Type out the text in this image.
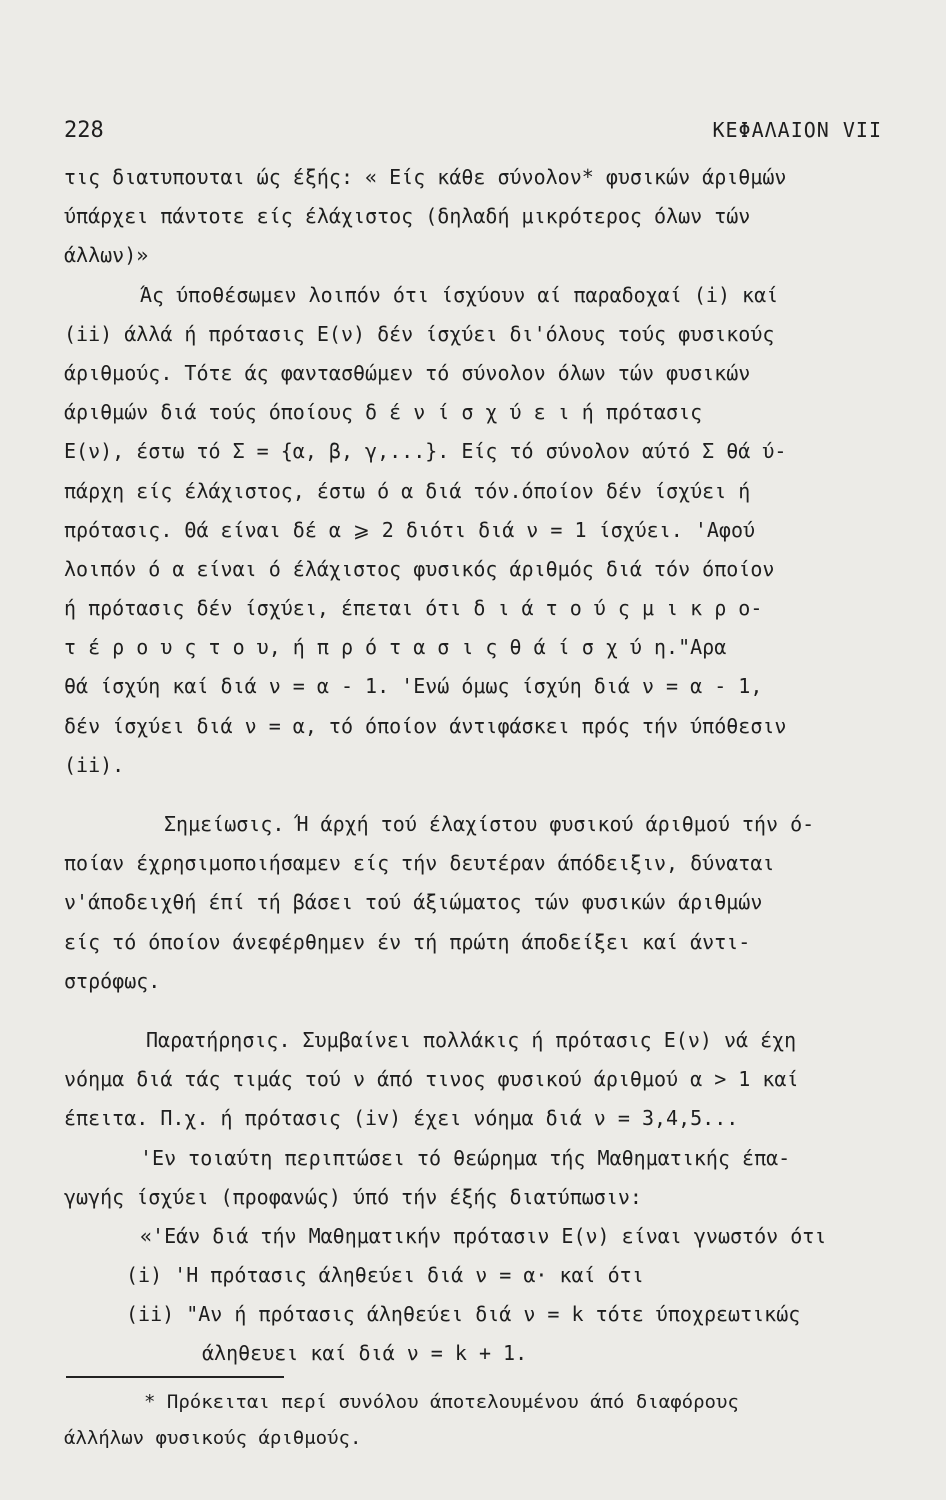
228	ΚΕΦΑΛΑΙΟΝ VII
τις διατυπουται ώς έξής: « Είς κάθε σύνολον* φυσικών άριθμών
ύπάρχει πάντοτε είς έλάχιστος (δηλαδή μικρότερος όλων τών
άλλων)»
Άς ύποθέσωμεν λοιπόν ότι ίσχύουν αί παραδοχαί (i) καί
(ii) άλλά ή πρότασις Ε(ν) δέν ίσχύει δι'όλους τούς φυσικούς
άριθμούς. Τότε άς φαντασθώμεν τό σύνολον όλων τών φυσικών
άριθμών διά τούς όποίους δ έ ν ί σ χ ύ ε ι ή πρότασις
Ε(ν), έστω τό Σ = {α, β, γ,...}. Είς τό σύνολον αύτό Σ θά ύ-
πάρχη είς έλάχιστος, έστω ό α διά τόν.όποίον δέν ίσχύει ή
πρότασις. Θά είναι δέ α ⩾ 2 διότι διά ν = 1 ίσχύει. 'Αφού
λοιπόν ό α είναι ό έλάχιστος φυσικός άριθμός διά τόν όποίον
ή πρότασις δέν ίσχύει, έπεται ότι δ ι ά τ ο ύ ς μ ι κ ρ ο-
τ έ ρ ο υ ς τ ο υ, ή π ρ ό τ α σ ι ς θ ά ί σ χ ύ η."Αρα
θά ίσχύη καί διά ν = α - 1. 'Ενώ όμως ίσχύη διά ν = α - 1,
δέν ίσχύει διά ν = α, τό όποίον άντιφάσκει πρός τήν ύπόθεσιν
(ii).
Σημείωσις. Ή άρχή τού έλαχίστου φυσικού άριθμού τήν ό-
ποίαν έχρησιμοποιήσαμεν είς τήν δευτέραν άπόδειξιν, δύναται
ν'άποδειχθή έπί τή βάσει τού άξιώματος τών φυσικών άριθμών
είς τό όποίον άνεφέρθημεν έν τή πρώτη άποδείξει καί άντι-
στρόφως.
Παρατήρησις. Συμβαίνει πολλάκις ή πρότασις Ε(ν) νά έχη
νόημα διά τάς τιμάς τού ν άπό τινος φυσικού άριθμού α > 1 καί
έπειτα. Π.χ. ή πρότασις (iv) έχει νόημα διά ν = 3,4,5...
'Εν τοιαύτη περιπτώσει τό θεώρημα τής Μαθηματικής έπα-
γωγής ίσχύει (προφανώς) ύπό τήν έξής διατύπωσιν:
«'Εάν διά τήν Μαθηματικήν πρότασιν Ε(ν) είναι γνωστόν ότι
(i) 'Η πρότασις άληθεύει διά ν = α· καί ότι
(ii) "Αν ή πρότασις άληθεύει διά ν = k τότε ύποχρεωτικώς
άληθευει καί διά ν = k + 1.
* Πρόκειται περί συνόλου άποτελουμένου άπό διαφόρους
άλλήλων φυσικούς άριθμούς.
